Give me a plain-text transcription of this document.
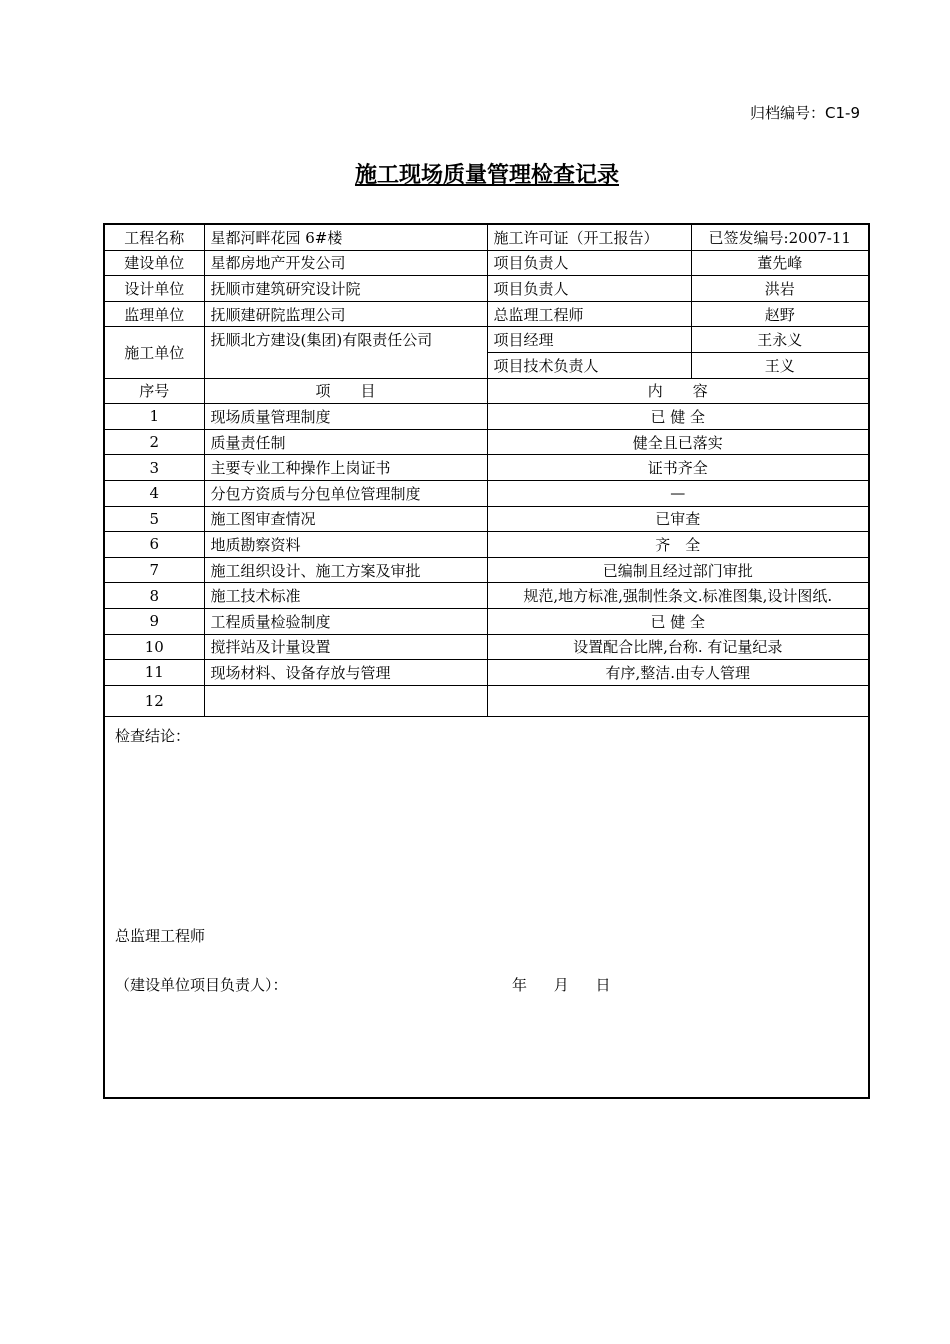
归档编号：C1-9
施工现场质量管理检查记录
工程名称	星都河畔花园 6#楼	施工许可证（开工报告）	已签发编号:2007-11
建设单位	星都房地产开发公司	项目负责人	董先峰
设计单位	抚顺市建筑研究设计院	项目负责人	洪岩
监理单位	抚顺建研院监理公司	总监理工程师	赵野
施工单位	抚顺北方建设(集团)有限责任公司	项目经理	王永义
		项目技术负责人	王义
序号	项　　目	内　　容	
1	现场质量管理制度	已 健 全	
2	质量责任制	健全且已落实	
3	主要专业工种操作上岗证书	证书齐全	
4	分包方资质与分包单位管理制度	—	
5	施工图审查情况	已审查	
6	地质勘察资料	齐　全	
7	施工组织设计、施工方案及审批	已编制且经过部门审批	
8	施工技术标准	规范,地方标准,强制性条文.标准图集,设计图纸.	
9	工程质量检验制度	已 健 全	
10	搅拌站及计量设置	设置配合比牌,台称. 有记量纪录	
11	现场材料、设备存放与管理	有序,整洁.由专人管理	
12			
检查结论：
总监理工程师
（建设单位项目负责人）：	年 月 日
